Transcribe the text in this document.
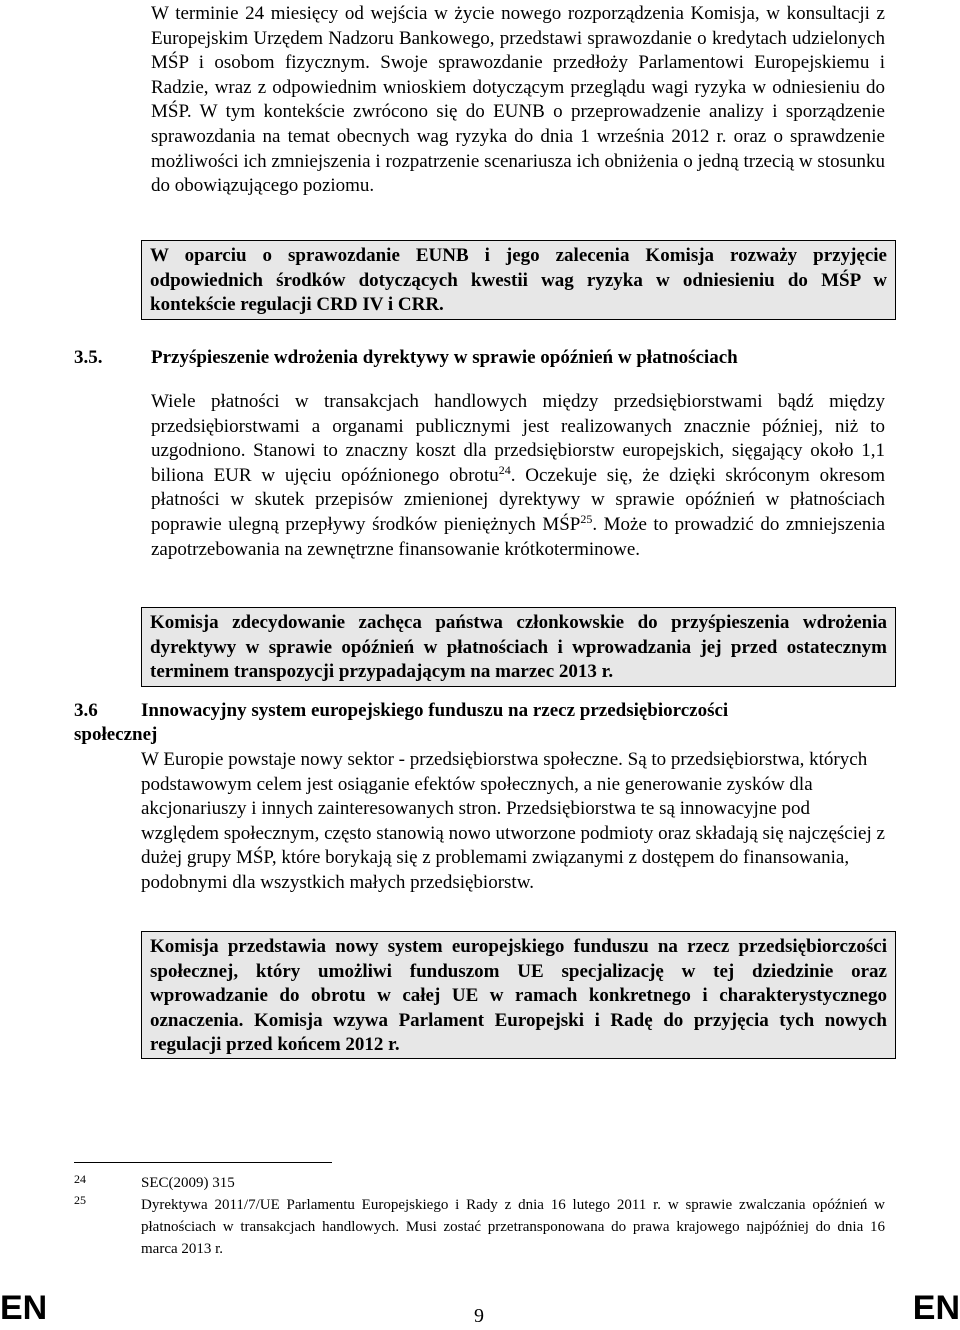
W terminie 24 miesięcy od wejścia w życie nowego rozporządzenia Komisja, w konsultacji z Europejskim Urzędem Nadzoru Bankowego, przedstawi sprawozdanie o kredytach udzielonych MŚP i osobom fizycznym. Swoje sprawozdanie przedłoży Parlamentowi Europejskiemu i Radzie, wraz z odpowiednim wnioskiem dotyczącym przeglądu wagi ryzyka w odniesieniu do MŚP. W tym kontekście zwrócono się do EUNB o przeprowadzenie analizy i sporządzenie sprawozdania na temat obecnych wag ryzyka do dnia 1 września 2012 r. oraz o sprawdzenie możliwości ich zmniejszenia i rozpatrzenie scenariusza ich obniżenia o jedną trzecią w stosunku do obowiązującego poziomu.

W oparciu o sprawozdanie EUNB i jego zalecenia Komisja rozważy przyjęcie odpowiednich środków dotyczących kwestii wag ryzyka w odniesieniu do MŚP w kontekście regulacji CRD IV i CRR.
3.5.	Przyśpieszenie wdrożenia dyrektywy w sprawie opóźnień w płatnościach

Wiele płatności w transakcjach handlowych między przedsiębiorstwami bądź między przedsiębiorstwami a organami publicznymi jest realizowanych znacznie później, niż to uzgodniono. Stanowi to znaczny koszt dla przedsiębiorstw europejskich, sięgający około 1,1 biliona EUR w ujęciu opóźnionego obrotu$^{24}$. Oczekuje się, że dzięki skróconym okresom płatności w skutek przepisów zmienionej dyrektywy w sprawie opóźnień w płatnościach poprawie ulegną przepływy środków pieniężnych MŚP$^{25}$. Może to prowadzić do zmniejszenia zapotrzebowania na zewnętrzne finansowanie krótkoterminowe.

Komisja zdecydowanie zachęca państwa członkowskie do przyśpieszenia wdrożenia dyrektywy w sprawie opóźnień w płatnościach i wprowadzania jej przed ostatecznym terminem transpozycji przypadającym na marzec 2013 r.
3.6 Innowacyjny system europejskiego funduszu na rzecz przedsiębiorczości
społecznej

W Europie powstaje nowy sektor - przedsiębiorstwa społeczne. Są to przedsiębiorstwa, których podstawowym celem jest osiąganie efektów społecznych, a nie generowanie zysków dla akcjonariuszy i innych zainteresowanych stron. Przedsiębiorstwa te są innowacyjne pod względem społecznym, często stanowią nowo utworzone podmioty oraz składają się najczęściej z dużej grupy MŚP, które borykają się z problemami związanymi z dostępem do finansowania, podobnymi dla wszystkich małych przedsiębiorstw.

Komisja przedstawia nowy system europejskiego funduszu na rzecz przedsiębiorczości społecznej, który umożliwi funduszom UE specjalizację w tej dziedzinie oraz wprowadzanie do obrotu w całej UE w ramach konkretnego i charakterystycznego oznaczenia. Komisja wzywa Parlament Europejski i Radę do przyjęcia tych nowych regulacji przed końcem 2012 r.
24	SEC(2009) 315
25	Dyrektywa 2011/7/UE Parlamentu Europejskiego i Rady z dnia 16 lutego 2011 r. w sprawie zwalczania opóźnień w płatnościach w transakcjach handlowych. Musi zostać przetransponowana do prawa krajowego najpóźniej do dnia 16 marca 2013 r.

EN	9	EN
